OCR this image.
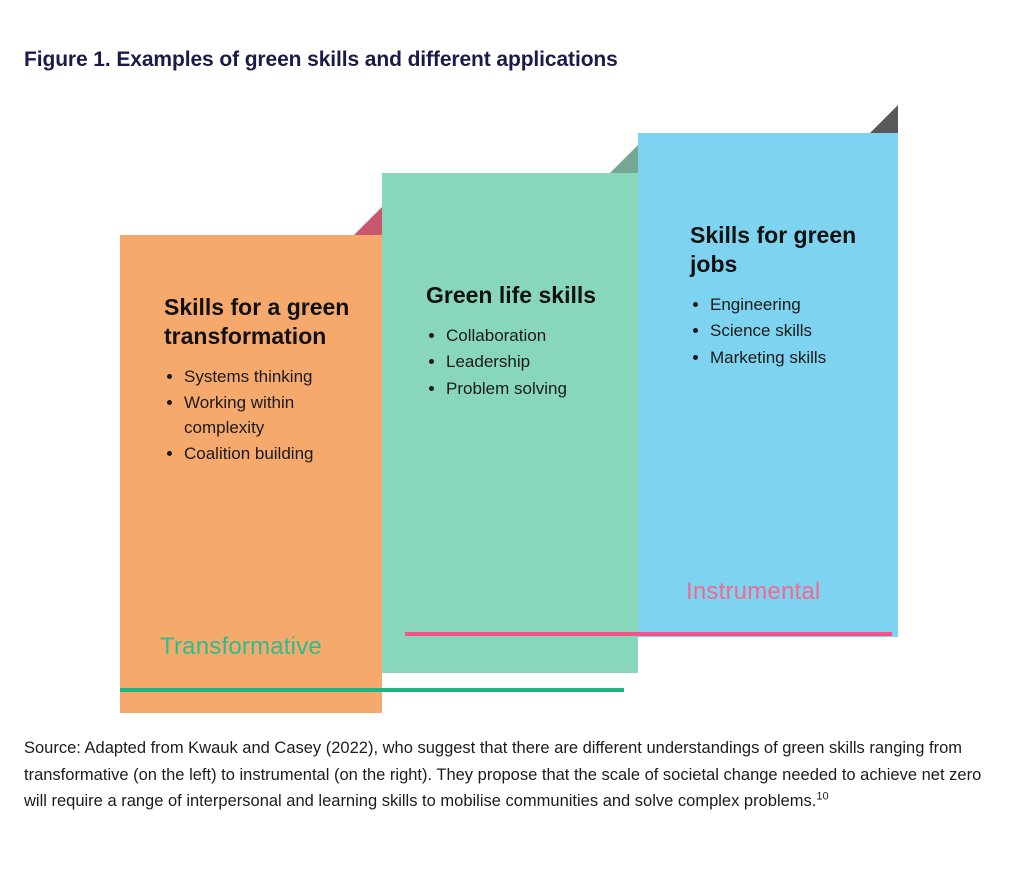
Figure 1. Examples of green skills and different applications
Skills for a green transformation
• Systems thinking
• Working within complexity
• Coalition building
Green life skills
• Collaboration
• Leadership
• Problem solving
Skills for green jobs
• Engineering
• Science skills
• Marketing skills
Instrumental
Transformative
Source: Adapted from Kwauk and Casey (2022), who suggest that there are different understandings of green skills ranging from transformative (on the left) to instrumental (on the right). They propose that the scale of societal change needed to achieve net zero will require a range of interpersonal and learning skills to mobilise communities and solve complex problems.$^{10}$
